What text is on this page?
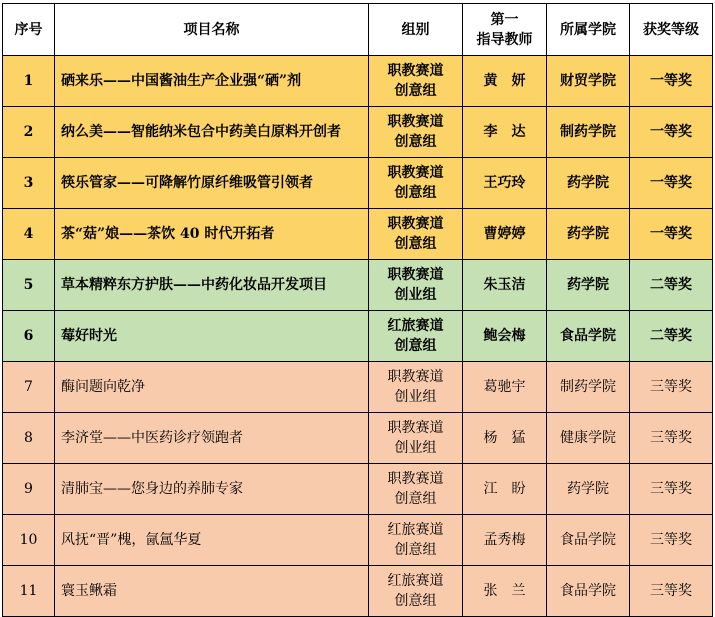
序号	项目名称	组别	第一
指导教师	所属学院	获奖等级
1	硒来乐——中国酱油生产企业强“硒”剂	职教赛道
创意组	黄　妍	财贸学院	一等奖
2	纳么美——智能纳米包合中药美白原料开创者	职教赛道
创意组	李　达	制药学院	一等奖
3	筷乐管家——可降解竹原纤维吸管引领者	职教赛道
创意组	王巧玲	药学院	一等奖
4	茶“菇”娘——茶饮 40 时代开拓者	职教赛道
创意组	曹婷婷	药学院	一等奖
5	草本精粹东方护肤——中药化妆品开发项目	职教赛道
创业组	朱玉洁	药学院	二等奖
6	莓好时光	红旅赛道
创意组	鲍会梅	食品学院	二等奖
7	酶问题向乾净	职教赛道
创业组	葛驰宇	制药学院	三等奖
8	李济堂——中医药诊疗领跑者	职教赛道
创业组	杨　猛	健康学院	三等奖
9	清肺宝——您身边的养肺专家	职教赛道
创意组	江　盼	药学院	三等奖
10	风抚“晋”槐，氤氲华夏	红旅赛道
创意组	孟秀梅	食品学院	三等奖
11	寰玉鳅霜	红旅赛道
创意组	张　兰	食品学院	三等奖
